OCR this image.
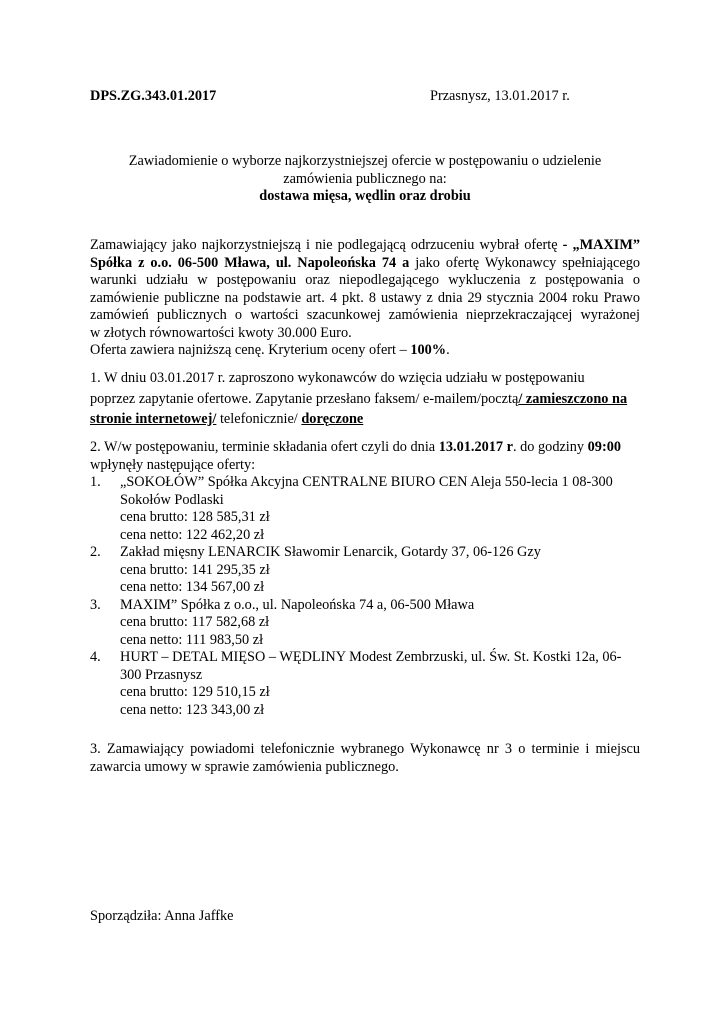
DPS.ZG.343.01.2017	Przasnysz, 13.01.2017 r.
Zawiadomienie o wyborze najkorzystniejszej ofercie w postępowaniu o udzielenie
zamówienia publicznego na:
dostawa mięsa, wędlin oraz drobiu
Zamawiający jako najkorzystniejszą i nie podlegającą odrzuceniu wybrał ofertę - „MAXIM”
Spółka z o.o. 06-500 Mława, ul. Napoleońska 74 a jako ofertę Wykonawcy spełniającego
warunki udziału w postępowaniu oraz niepodlegającego wykluczenia z postępowania o
zamówienie publiczne na podstawie art. 4 pkt. 8 ustawy z dnia 29 stycznia 2004 roku Prawo
zamówień publicznych o wartości szacunkowej zamówienia nieprzekraczającej wyrażonej
w złotych równowartości kwoty 30.000 Euro.
Oferta zawiera najniższą cenę. Kryterium oceny ofert – 100%.
1. W dniu 03.01.2017 r. zaproszono wykonawców do wzięcia udziału w postępowaniu
poprzez zapytanie ofertowe. Zapytanie przesłano faksem/ e-mailem/pocztą/ zamieszczono na
stronie internetowej/ telefonicznie/ doręczone
2. W/w postępowaniu, terminie składania ofert czyli do dnia 13.01.2017 r. do godziny 09:00
wpłynęły następujące oferty:
1. „SOKOŁÓW” Spółka Akcyjna CENTRALNE BIURO CEN Aleja 550-lecia 1 08-300
Sokołów Podlaski
cena brutto: 128 585,31 zł
cena netto: 122 462,20 zł
2. Zakład mięsny LENARCIK Sławomir Lenarcik, Gotardy 37, 06-126 Gzy
cena brutto: 141 295,35 zł
cena netto: 134 567,00 zł
3. MAXIM” Spółka z o.o., ul. Napoleońska 74 a, 06-500 Mława
cena brutto: 117 582,68 zł
cena netto: 111 983,50 zł
4. HURT – DETAL MIĘSO – WĘDLINY Modest Zembrzuski, ul. Św. St. Kostki 12a, 06-
300 Przasnysz
cena brutto: 129 510,15 zł
cena netto: 123 343,00 zł
3. Zamawiający powiadomi telefonicznie wybranego Wykonawcę nr 3 o terminie i miejscu
zawarcia umowy w sprawie zamówienia publicznego.
Sporządziła: Anna Jaffke
